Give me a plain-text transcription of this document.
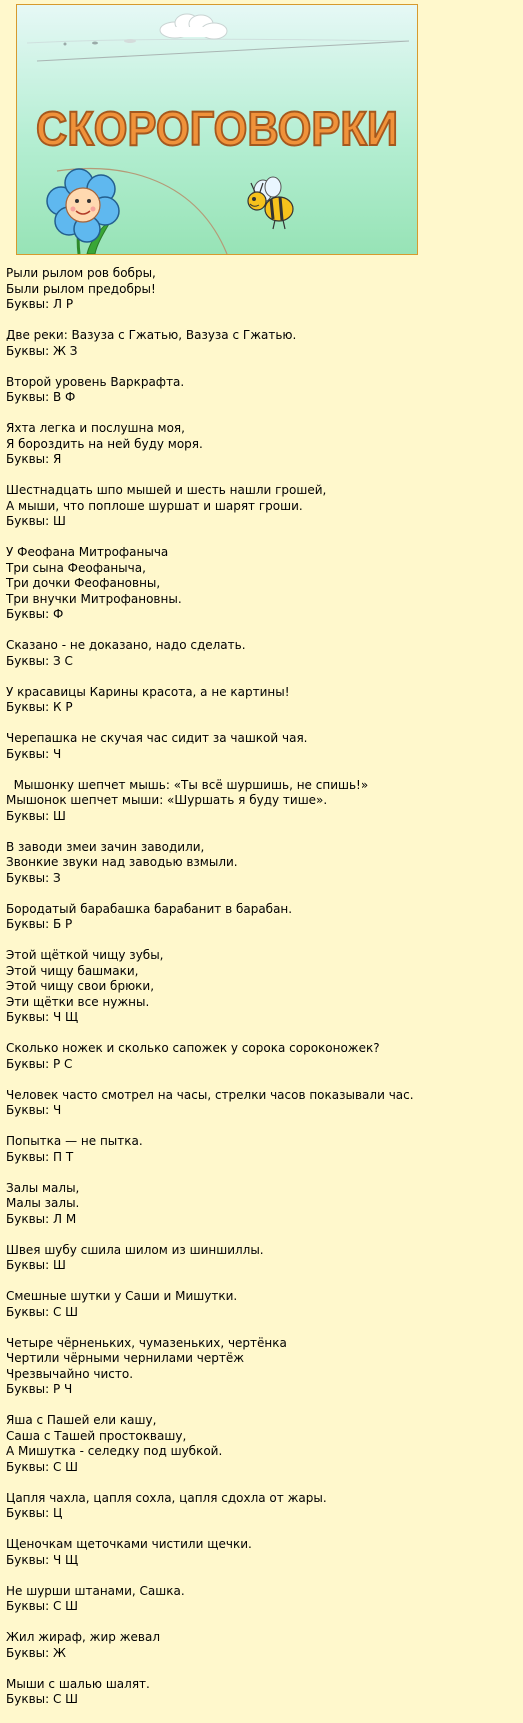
СКОРОГОВОРКИ
Рыли рылом ров бобры,
Были рылом предобры!
Буквы: Л Р
Две реки: Вазуза с Гжатью, Вазуза с Гжатью.
Буквы: Ж З
Второй уровень Варкрафта.
Буквы: В Ф
Яхта легка и послушна моя,
Я бороздить на ней буду моря.
Буквы: Я
Шестнадцать шпо мышей и шесть нашли грошей,
А мыши, что поплоше шуршат и шарят гроши.
Буквы: Ш
У Феофана Митрофаныча
Три сына Феофаныча,
Три дочки Феофановны,
Три внучки Митрофановны.
Буквы: Ф
Сказано - не доказано, надо сделать.
Буквы: З С
У красавицы Карины красота, а не картины!
Буквы: К Р
Черепашка не скучая час сидит за чашкой чая.
Буквы: Ч
Мышонку шепчет мышь: «Ты всё шуршишь, не спишь!»
Мышонок шепчет мыши: «Шуршать я буду тише».
Буквы: Ш
В заводи змеи зачин заводили,
Звонкие звуки над заводью взмыли.
Буквы: З
Бородатый барабашка барабанит в барабан.
Буквы: Б Р
Этой щёткой чищу зубы,
Этой чищу башмаки,
Этой чищу свои брюки,
Эти щётки все нужны.
Буквы: Ч Щ
Сколько ножек и сколько сапожек у сорока сороконожек?
Буквы: Р С
Человек часто смотрел на часы, стрелки часов показывали час.
Буквы: Ч
Попытка — не пытка.
Буквы: П Т
Залы малы,
Малы залы.
Буквы: Л М
Швея шубу сшила шилом из шиншиллы.
Буквы: Ш
Смешные шутки у Саши и Мишутки.
Буквы: С Ш
Четыре чёрненьких, чумазеньких, чертёнка
Чертили чёрными чернилами чертёж
Чрезвычайно чисто.
Буквы: Р Ч
Яша с Пашей ели кашу,
Саша с Ташей простоквашу,
А Мишутка - селедку под шубкой.
Буквы: С Ш
Цапля чахла, цапля сохла, цапля сдохла от жары.
Буквы: Ц
Щеночкам щеточками чистили щечки.
Буквы: Ч Щ
Не шурши штанами, Сашка.
Буквы: С Ш
Жил жираф, жир жевал
Буквы: Ж
Мыши с шалью шалят.
Буквы: С Ш
